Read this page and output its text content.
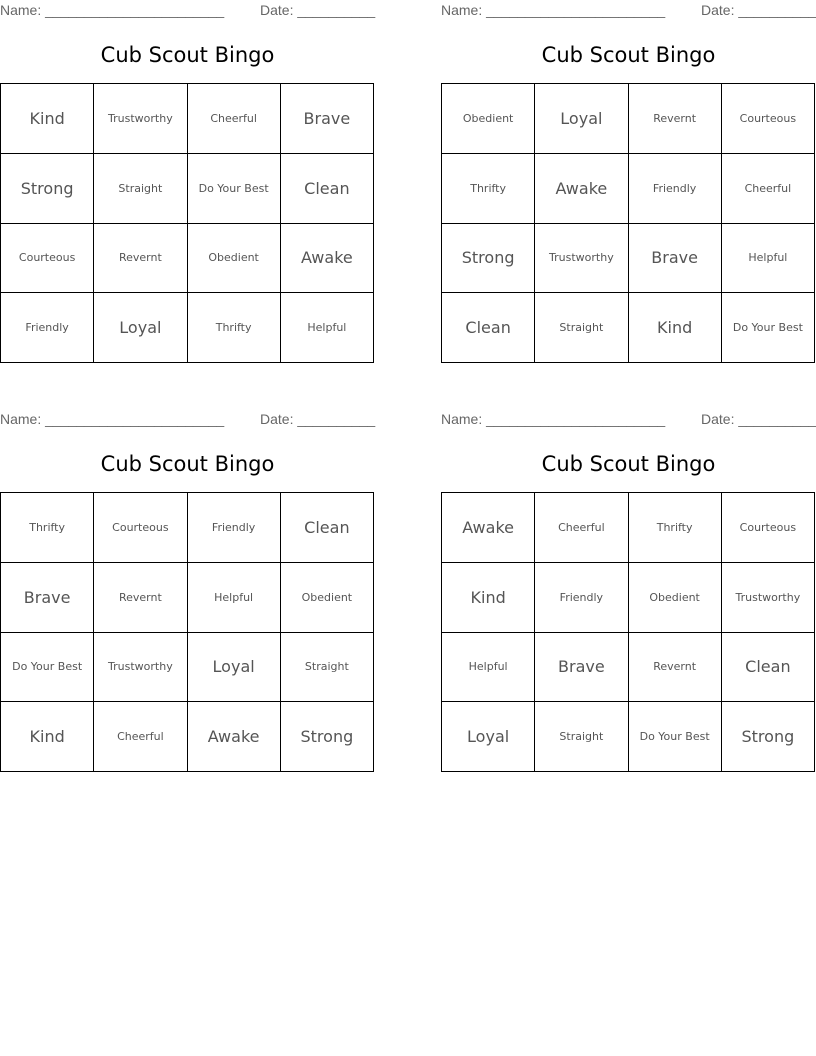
Name: _______________________	Date: __________
Cub Scout Bingo
Kind	Trustworthy	Cheerful	Brave
Strong	Straight	Do Your Best	Clean
Courteous	Revernt	Obedient	Awake
Friendly	Loyal	Thrifty	Helpful
Name: _______________________	Date: __________
Cub Scout Bingo
Obedient	Loyal	Revernt	Courteous
Thrifty	Awake	Friendly	Cheerful
Strong	Trustworthy	Brave	Helpful
Clean	Straight	Kind	Do Your Best
Name: _______________________	Date: __________
Cub Scout Bingo
Thrifty	Courteous	Friendly	Clean
Brave	Revernt	Helpful	Obedient
Do Your Best	Trustworthy	Loyal	Straight
Kind	Cheerful	Awake	Strong
Name: _______________________	Date: __________
Cub Scout Bingo
Awake	Cheerful	Thrifty	Courteous
Kind	Friendly	Obedient	Trustworthy
Helpful	Brave	Revernt	Clean
Loyal	Straight	Do Your Best	Strong
